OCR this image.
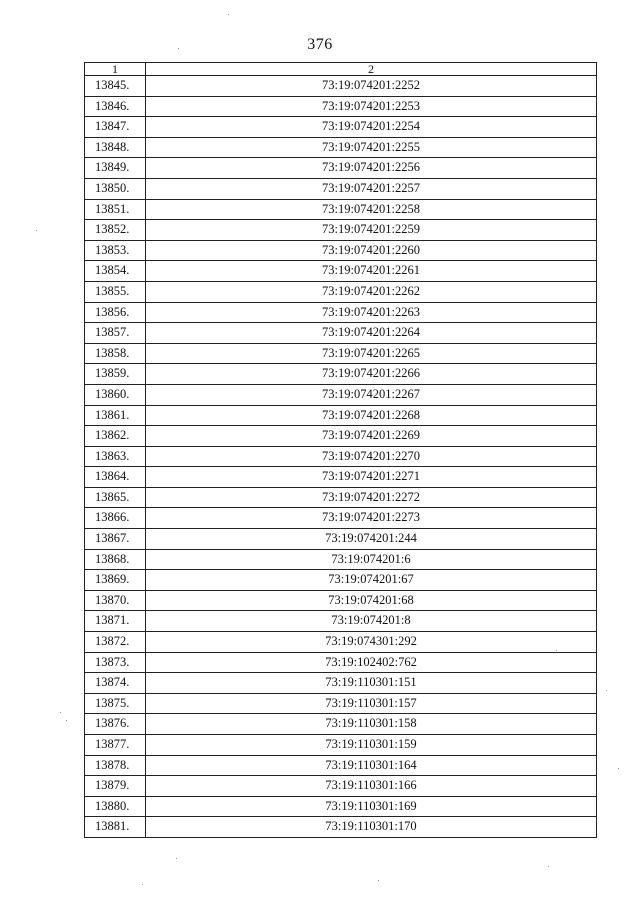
376
1	2
13845.	73:19:074201:2252
13846.	73:19:074201:2253
13847.	73:19:074201:2254
13848.	73:19:074201:2255
13849.	73:19:074201:2256
13850.	73:19:074201:2257
13851.	73:19:074201:2258
13852.	73:19:074201:2259
13853.	73:19:074201:2260
13854.	73:19:074201:2261
13855.	73:19:074201:2262
13856.	73:19:074201:2263
13857.	73:19:074201:2264
13858.	73:19:074201:2265
13859.	73:19:074201:2266
13860.	73:19:074201:2267
13861.	73:19:074201:2268
13862.	73:19:074201:2269
13863.	73:19:074201:2270
13864.	73:19:074201:2271
13865.	73:19:074201:2272
13866.	73:19:074201:2273
13867.	73:19:074201:244
13868.	73:19:074201:6
13869.	73:19:074201:67
13870.	73:19:074201:68
13871.	73:19:074201:8
13872.	73:19:074301:292
13873.	73:19:102402:762
13874.	73:19:110301:151
13875.	73:19:110301:157
13876.	73:19:110301:158
13877.	73:19:110301:159
13878.	73:19:110301:164
13879.	73:19:110301:166
13880.	73:19:110301:169
13881.	73:19:110301:170
